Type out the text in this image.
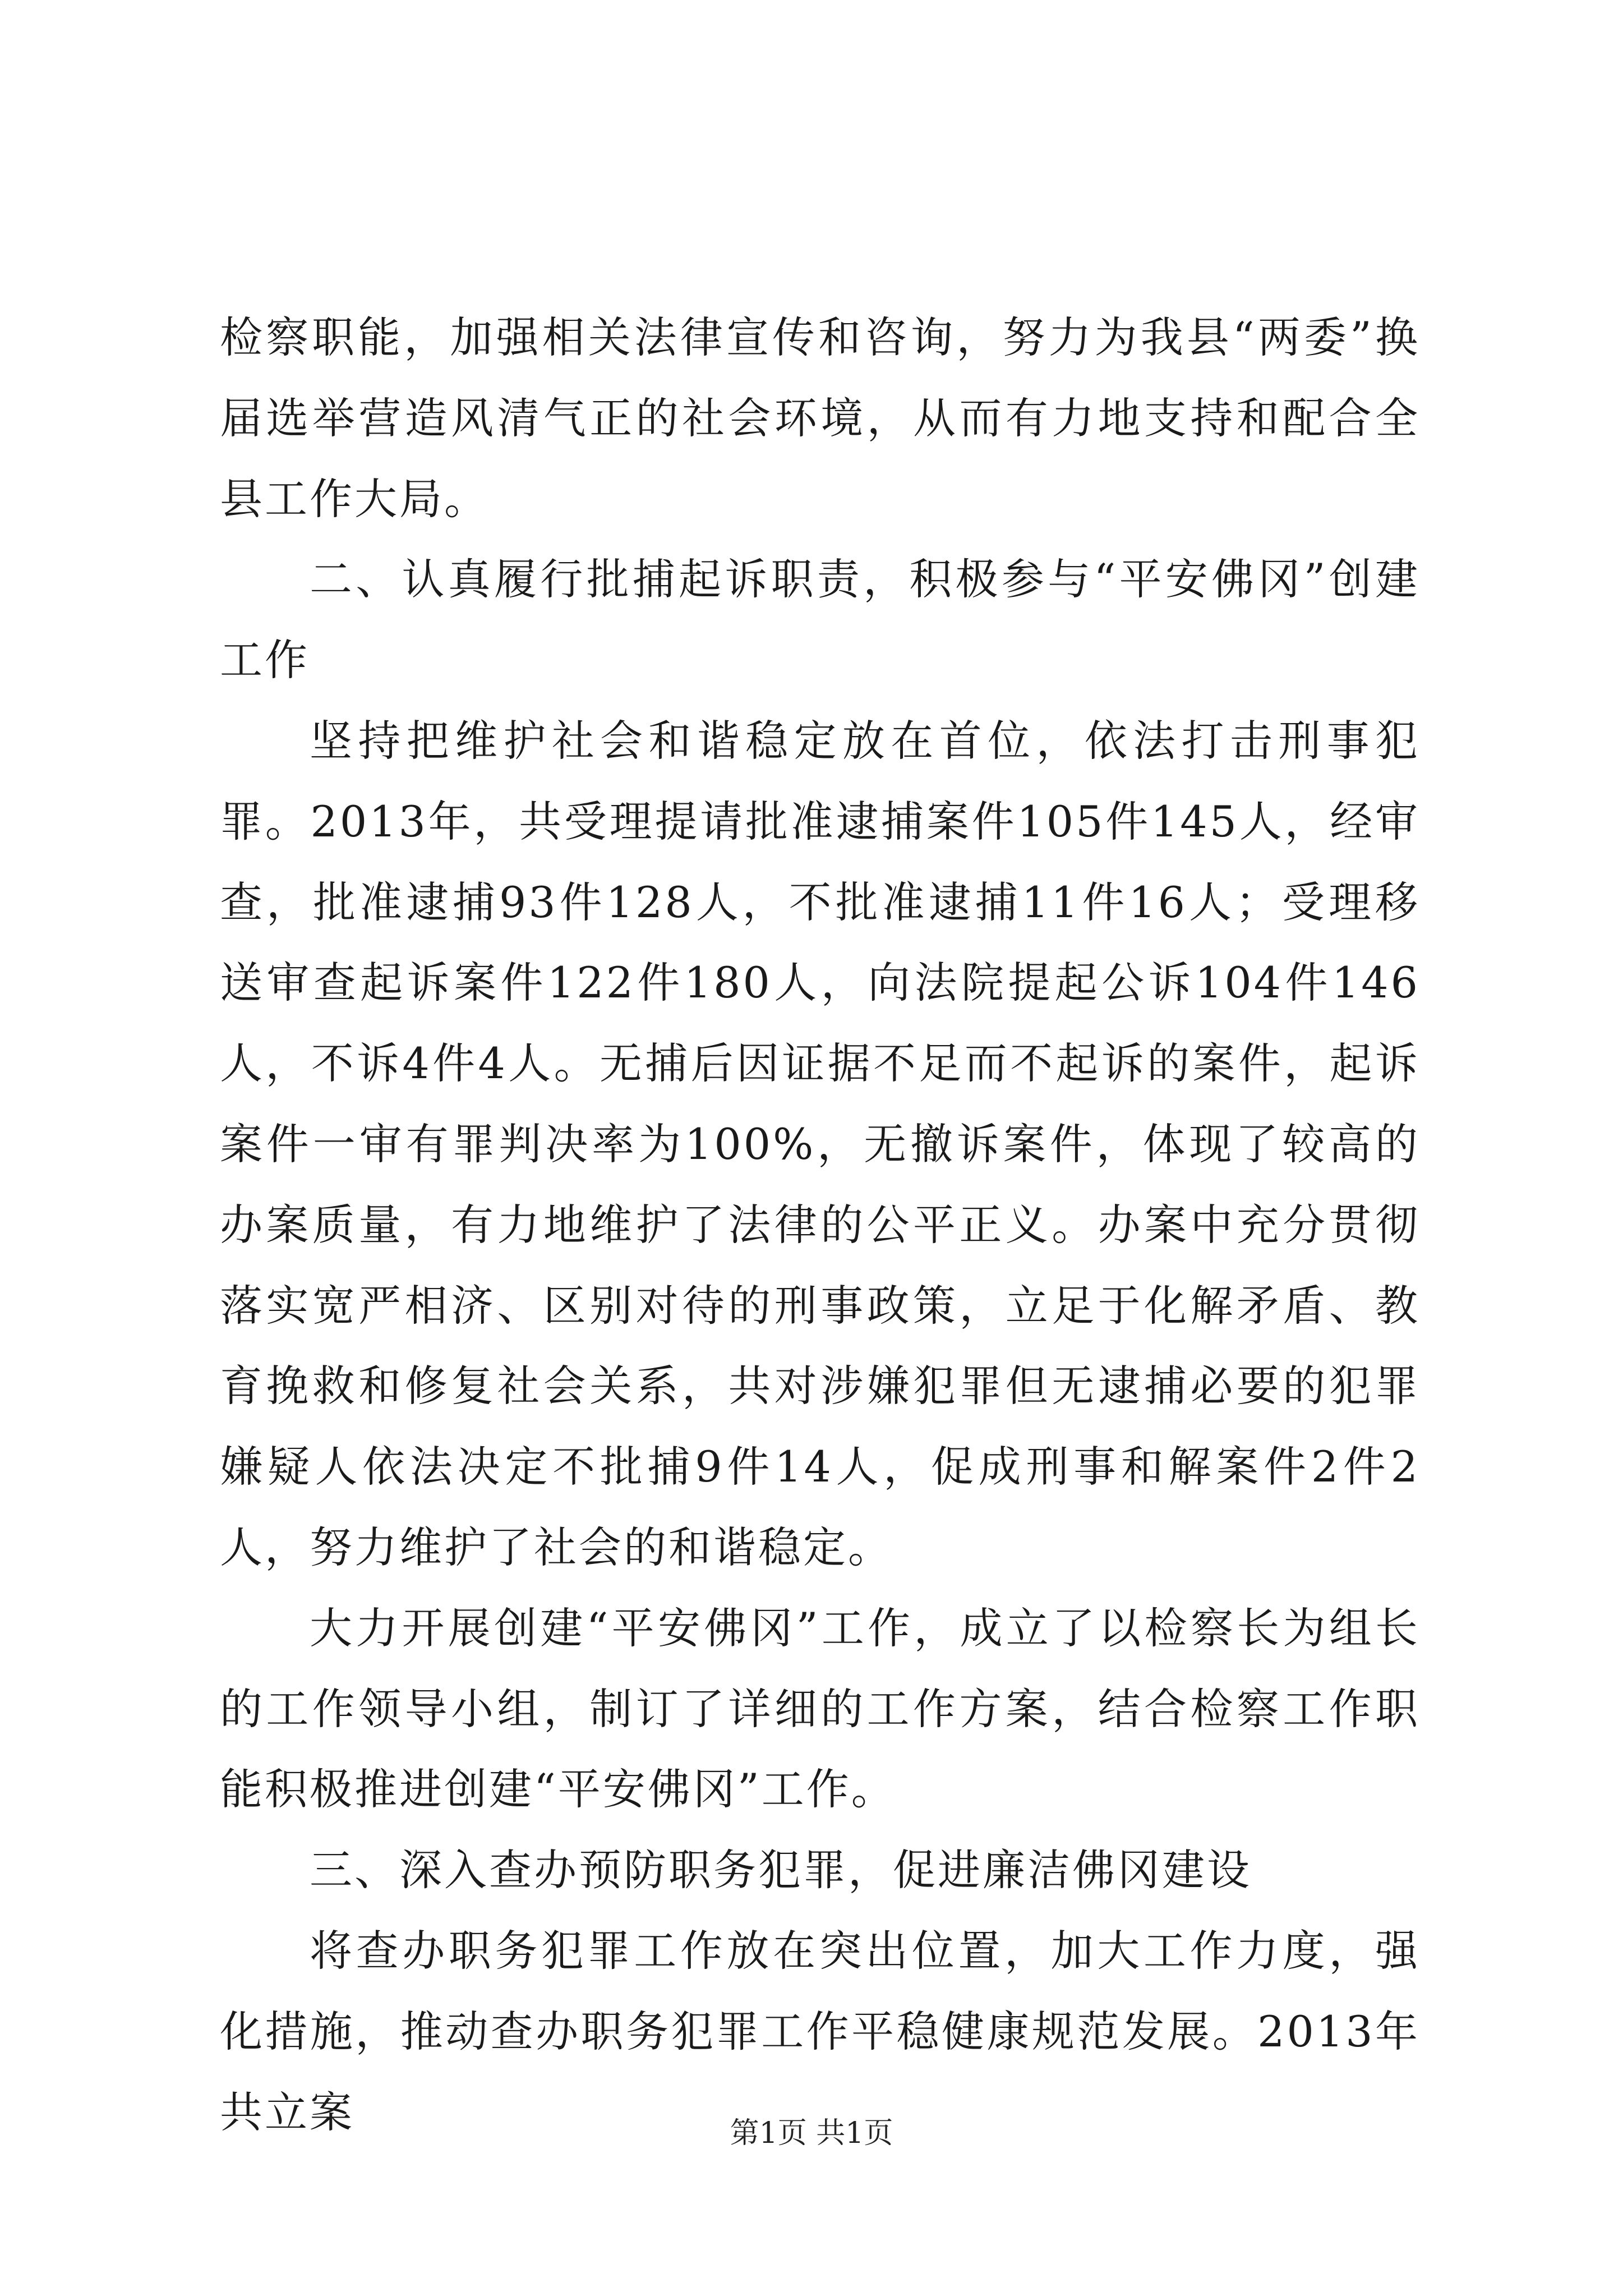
检察职能，加强相关法律宣传和咨询，努力为我县“两委”换届选举营造风清气正的社会环境，从而有力地支持和配合全县工作大局。

二、认真履行批捕起诉职责，积极参与“平安佛冈”创建工作

坚持把维护社会和谐稳定放在首位，依法打击刑事犯罪。2013年，共受理提请批准逮捕案件105件145人，经审查，批准逮捕93件128人，不批准逮捕11件16人；受理移送审查起诉案件122件180人，向法院提起公诉104件146人，不诉4件4人。无捕后因证据不足而不起诉的案件，起诉案件一审有罪判决率为100%，无撤诉案件，体现了较高的办案质量，有力地维护了法律的公平正义。办案中充分贯彻落实宽严相济、区别对待的刑事政策，立足于化解矛盾、教育挽救和修复社会关系，共对涉嫌犯罪但无逮捕必要的犯罪嫌疑人依法决定不批捕9件14人，促成刑事和解案件2件2人，努力维护了社会的和谐稳定。

大力开展创建“平安佛冈”工作，成立了以检察长为组长的工作领导小组，制订了详细的工作方案，结合检察工作职能积极推进创建“平安佛冈”工作。

三、深入查办预防职务犯罪，促进廉洁佛冈建设

将查办职务犯罪工作放在突出位置，加大工作力度，强化措施，推动查办职务犯罪工作平稳健康规范发展。2013年共立案	第1页 共1页
